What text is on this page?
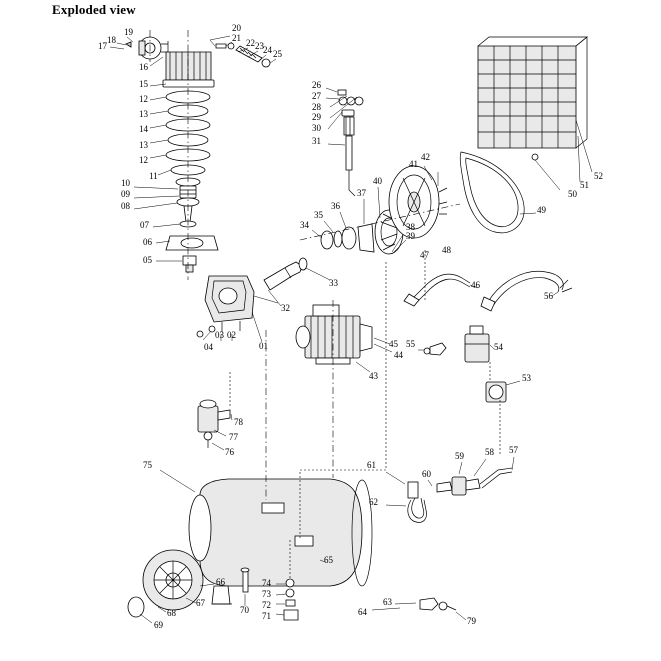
Exploded view
19
18
17
16
15
12
13
14
13
12
11
10
09
08
07
06
05
20
21 22 23 24 25
26
27
28
29
30
31
34
35
36
37
40
41
42
38
39
47 48
49
50
51
52
32
33	46
56
45 55
44
43
54
53
03 02
04	01
78
77
76
75	61
60
59 58 57
62
65
66
67
68
69
70
71
72
73
74
64
63
79
